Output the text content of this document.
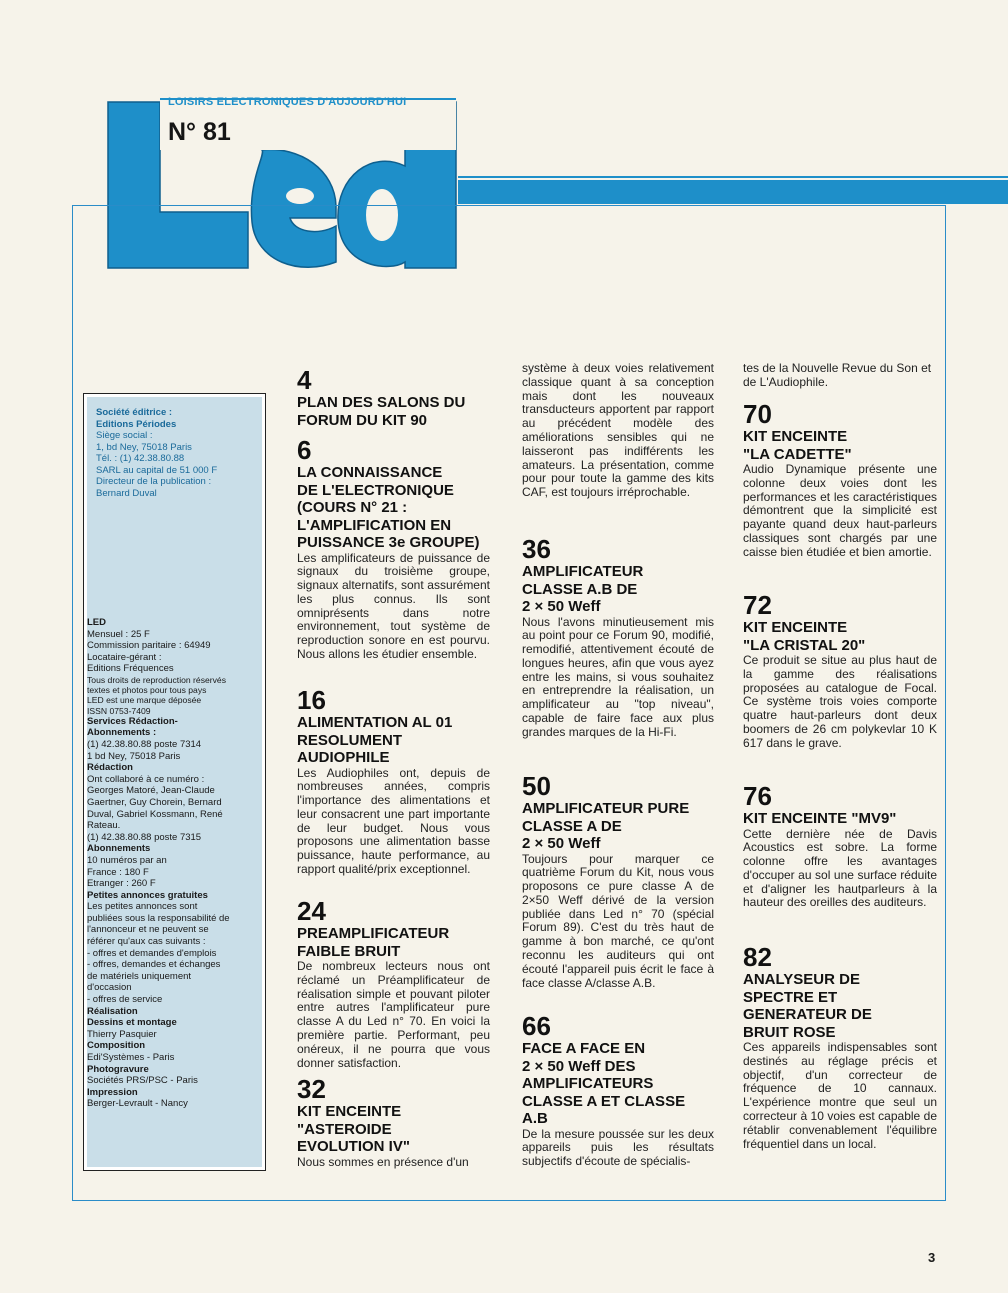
LOISIRS ELECTRONIQUES D'AUJOURD'HUI
N° 81
Société éditrice :
Editions Périodes
Siège social :
1, bd Ney, 75018 Paris
Tél. : (1) 42.38.80.88
SARL au capital de 51 000 F
Directeur de la publication :
Bernard Duval
LED
Mensuel : 25 F
Commission paritaire : 64949
Locataire-gérant :
Editions Fréquences
Tous droits de reproduction réservés
textes et photos pour tous pays
LED est une marque déposée
ISSN 0753-7409
Services Rédaction-
Abonnements :
(1) 42.38.80.88 poste 7314
1 bd Ney, 75018 Paris
Rédaction
Ont collaboré à ce numéro :
Georges Matoré, Jean-Claude
Gaertner, Guy Chorein, Bernard
Duval, Gabriel Kossmann, René
Rateau.
(1) 42.38.80.88 poste 7315
Abonnements
10 numéros par an
France : 180 F
Etranger : 260 F
Petites annonces gratuites
Les petites annonces sont
publiées sous la responsabilité de
l'annonceur et ne peuvent se
référer qu'aux cas suivants :
- offres et demandes d'emplois
- offres, demandes et échanges
de matériels uniquement
d'occasion
- offres de service
Réalisation
Dessins et montage
Thierry Pasquier
Composition
Edi'Systèmes - Paris
Photogravure
Sociétés PRS/PSC - Paris
Impression
Berger-Levrault - Nancy
4
PLAN DES SALONS DU
FORUM DU KIT 90
6
LA CONNAISSANCE
DE L'ELECTRONIQUE
(COURS N° 21 :
L'AMPLIFICATION EN
PUISSANCE 3e GROUPE)
Les amplificateurs de puissance de signaux du troisième groupe, signaux alternatifs, sont assurément les plus connus. Ils sont omniprésents dans notre environnement, tout système de reproduction sonore en est pourvu. Nous allons les étudier ensemble.
16
ALIMENTATION AL 01
RESOLUMENT
AUDIOPHILE
Les Audiophiles ont, depuis de nombreuses années, compris l'importance des alimentations et leur consacrent une part importante de leur budget. Nous vous proposons une alimentation basse puissance, haute performance, au rapport qualité/prix exceptionnel.
24
PREAMPLIFICATEUR
FAIBLE BRUIT
De nombreux lecteurs nous ont réclamé un Préamplificateur de réalisation simple et pouvant piloter entre autres l'amplificateur pure classe A du Led n° 70. En voici la première partie. Performant, peu onéreux, il ne pourra que vous donner satisfaction.
32
KIT ENCEINTE
"ASTEROIDE
EVOLUTION IV"
Nous sommes en présence d'un
36
AMPLIFICATEUR
CLASSE A.B DE
2 × 50 Weff
Nous l'avons minutieusement mis au point pour ce Forum 90, modifié, remodifié, attentivement écouté de longues heures, afin que vous ayez entre les mains, si vous souhaitez en entreprendre la réalisation, un amplificateur au "top niveau", capable de faire face aux plus grandes marques de la Hi-Fi.
50
AMPLIFICATEUR PURE
CLASSE A DE
2 × 50 Weff
Toujours pour marquer ce quatrième Forum du Kit, nous vous proposons ce pure classe A de 2×50 Weff dérivé de la version publiée dans Led n° 70 (spécial Forum 89). C'est du très haut de gamme à bon marché, ce qu'ont reconnu les auditeurs qui ont écouté l'appareil puis écrit le face à face classe A/classe A.B.
66
FACE A FACE EN
2 × 50 Weff DES
AMPLIFICATEURS
CLASSE A ET CLASSE
A.B
De la mesure poussée sur les deux appareils puis les résultats subjectifs d'écoute de spécialis-
70
KIT ENCEINTE
"LA CADETTE"
Audio Dynamique présente une colonne deux voies dont les performances et les caractéristiques démontrent que la simplicité est payante quand deux haut-parleurs classiques sont chargés par une caisse bien étudiée et bien amortie.
72
KIT ENCEINTE
"LA CRISTAL 20"
Ce produit se situe au plus haut de la gamme des réalisations proposées au catalogue de Focal. Ce système trois voies comporte quatre haut-parleurs dont deux boomers de 26 cm polykevlar 10 K 617 dans le grave.
76
KIT ENCEINTE "MV9"
Cette dernière née de Davis Acoustics est sobre. La forme colonne offre les avantages d'occuper au sol une surface réduite et d'aligner les hautparleurs à la hauteur des oreilles des auditeurs.
82
ANALYSEUR DE
SPECTRE ET
GENERATEUR DE
BRUIT ROSE
Ces appareils indispensables sont destinés au réglage précis et objectif, d'un correcteur de fréquence de 10 cannaux. L'expérience montre que seul un correcteur à 10 voies est capable de rétablir convenablement l'équilibre fréquentiel dans un local.
système à deux voies relativement classique quant à sa conception mais dont les nouveaux transducteurs apportent par rapport au précédent modèle des améliorations sensibles qui ne laisseront pas indifférents les amateurs. La présentation, comme pour pour toute la gamme des kits CAF, est toujours irréprochable.
tes de la Nouvelle Revue du Son et de L'Audiophile.
3
